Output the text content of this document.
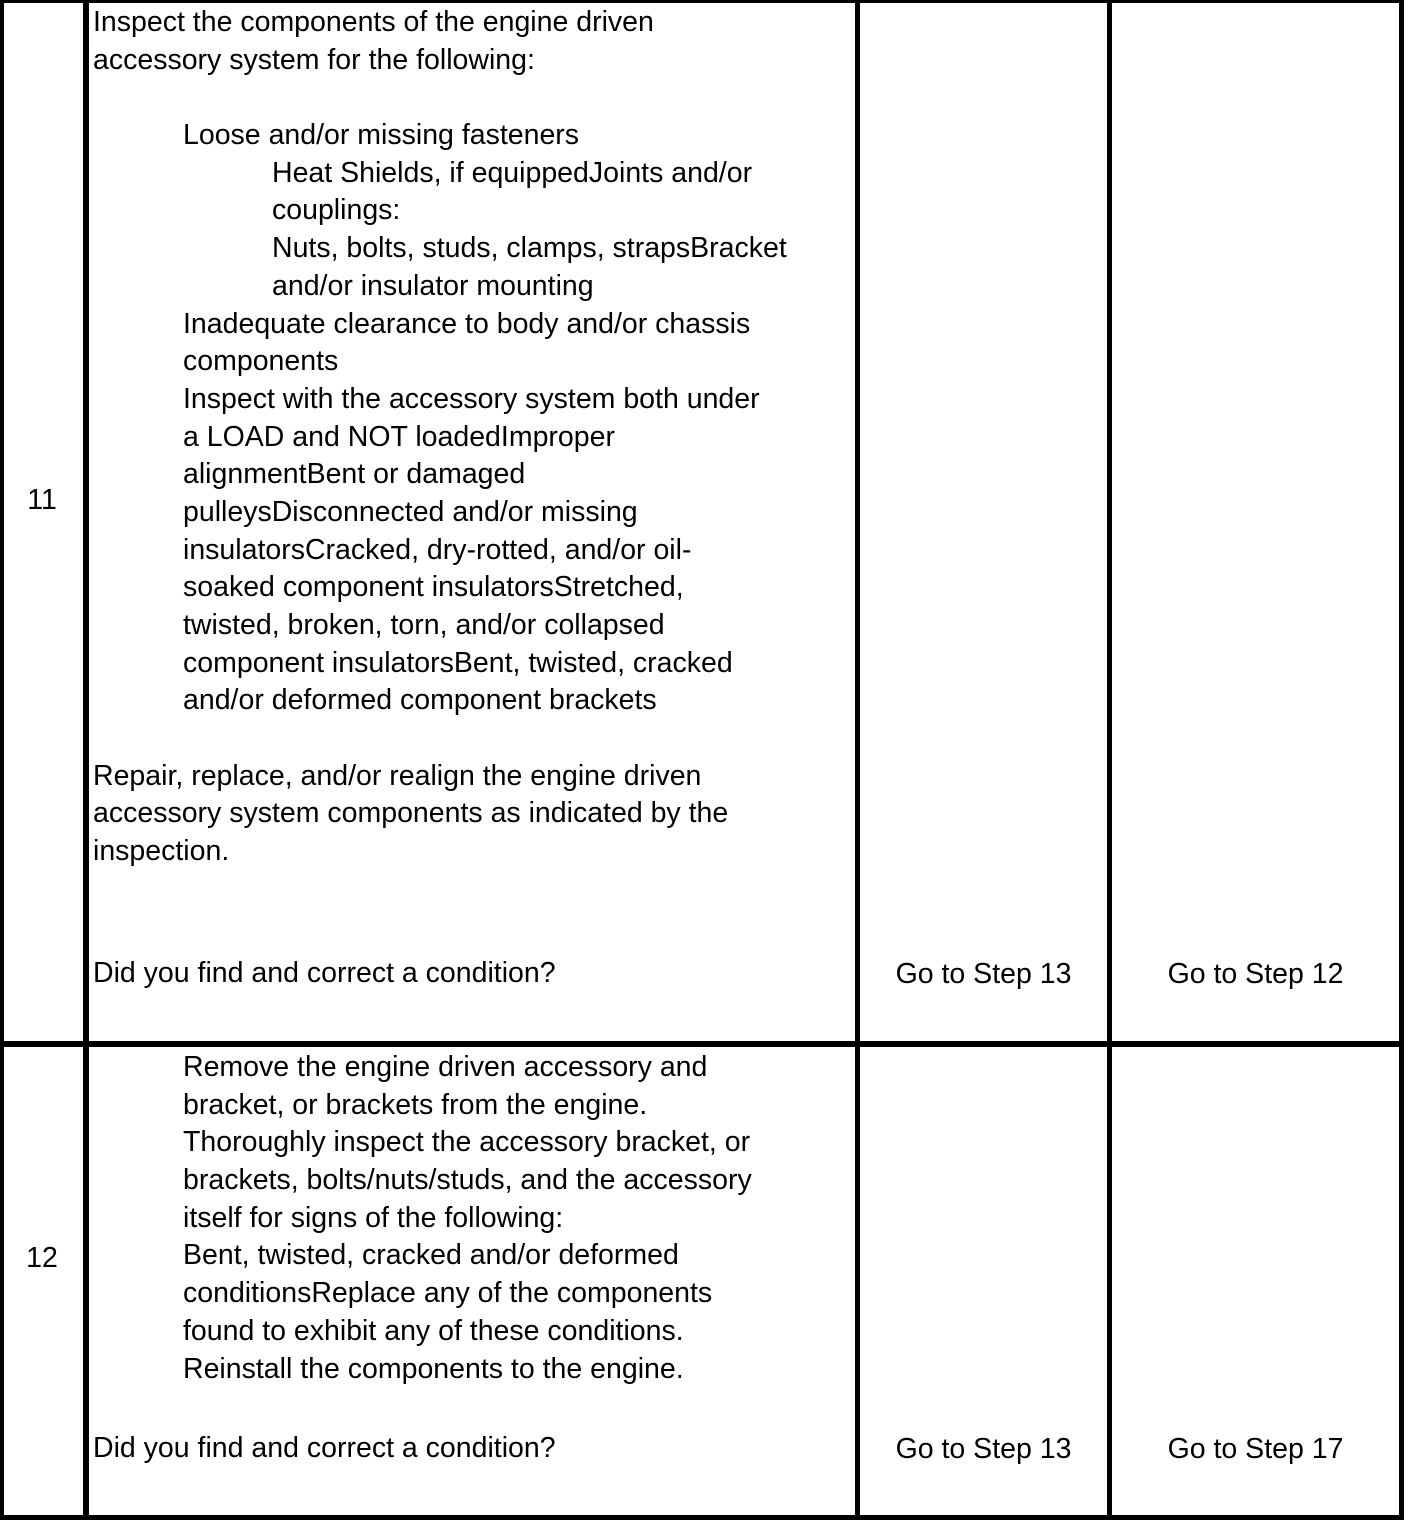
11
Inspect the components of the engine driven
accessory system for the following:
Loose and/or missing fasteners
Heat Shields, if equippedJoints and/or
couplings:
Nuts, bolts, studs, clamps, strapsBracket
and/or insulator mounting
Inadequate clearance to body and/or chassis
components
Inspect with the accessory system both under
a LOAD and NOT loadedImproper
alignmentBent or damaged
pulleysDisconnected and/or missing
insulatorsCracked, dry-rotted, and/or oil-
soaked component insulatorsStretched,
twisted, broken, torn, and/or collapsed
component insulatorsBent, twisted, cracked
and/or deformed component brackets
Repair, replace, and/or realign the engine driven
accessory system components as indicated by the
inspection.
Did you find and correct a condition?	Go to Step 13	Go to Step 12
12
Remove the engine driven accessory and
bracket, or brackets from the engine.
Thoroughly inspect the accessory bracket, or
brackets, bolts/nuts/studs, and the accessory
itself for signs of the following:
Bent, twisted, cracked and/or deformed
conditionsReplace any of the components
found to exhibit any of these conditions.
Reinstall the components to the engine.
Did you find and correct a condition?	Go to Step 13	Go to Step 17
